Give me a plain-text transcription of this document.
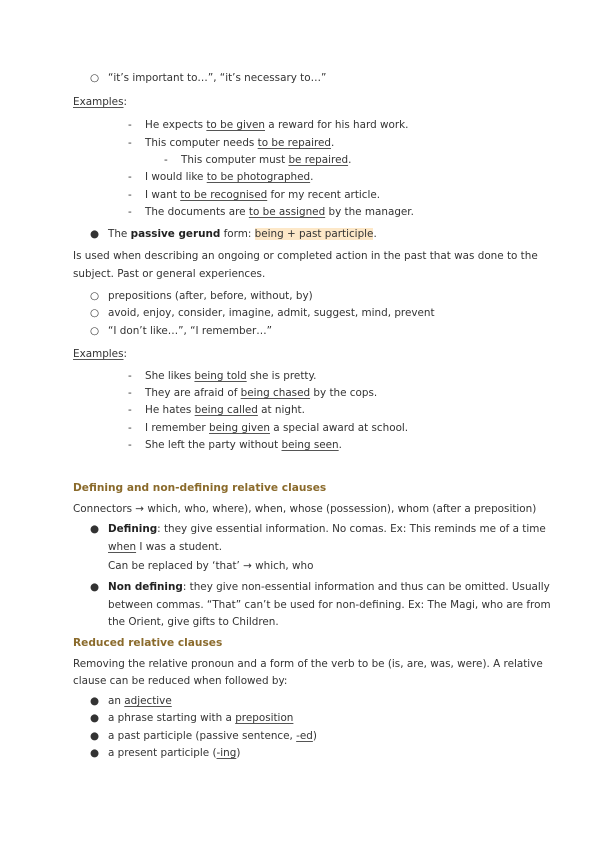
○ “it’s important to…”, “it’s necessary to…”
Examples:
- He expects to be given a reward for his hard work.
- This computer needs to be repaired.
- This computer must be repaired.
- I would like to be photographed.
- I want to be recognised for my recent article.
- The documents are to be assigned by the manager.
● The passive gerund form: being + past participle.
Is used when describing an ongoing or completed action in the past that was done to the
subject. Past or general experiences.
○ prepositions (after, before, without, by)
○ avoid, enjoy, consider, imagine, admit, suggest, mind, prevent
○ “I don’t like…”, “I remember…”
Examples:
- She likes being told she is pretty.
- They are afraid of being chased by the cops.
- He hates being called at night.
- I remember being given a special award at school.
- She left the party without being seen.
Defining and non-defining relative clauses
Connectors → which, who, where), when, whose (possession), whom (after a preposition)
● Defining: they give essential information. No comas. Ex: This reminds me of a time
when I was a student.
Can be replaced by ‘that’ → which, who
● Non defining: they give non-essential information and thus can be omitted. Usually
between commas. “That” can’t be used for non-defining. Ex: The Magi, who are from
the Orient, give gifts to Children.
Reduced relative clauses
Removing the relative pronoun and a form of the verb to be (is, are, was, were). A relative
clause can be reduced when followed by:
● an adjective
● a phrase starting with a preposition
● a past participle (passive sentence, -ed)
● a present participle (-ing)
